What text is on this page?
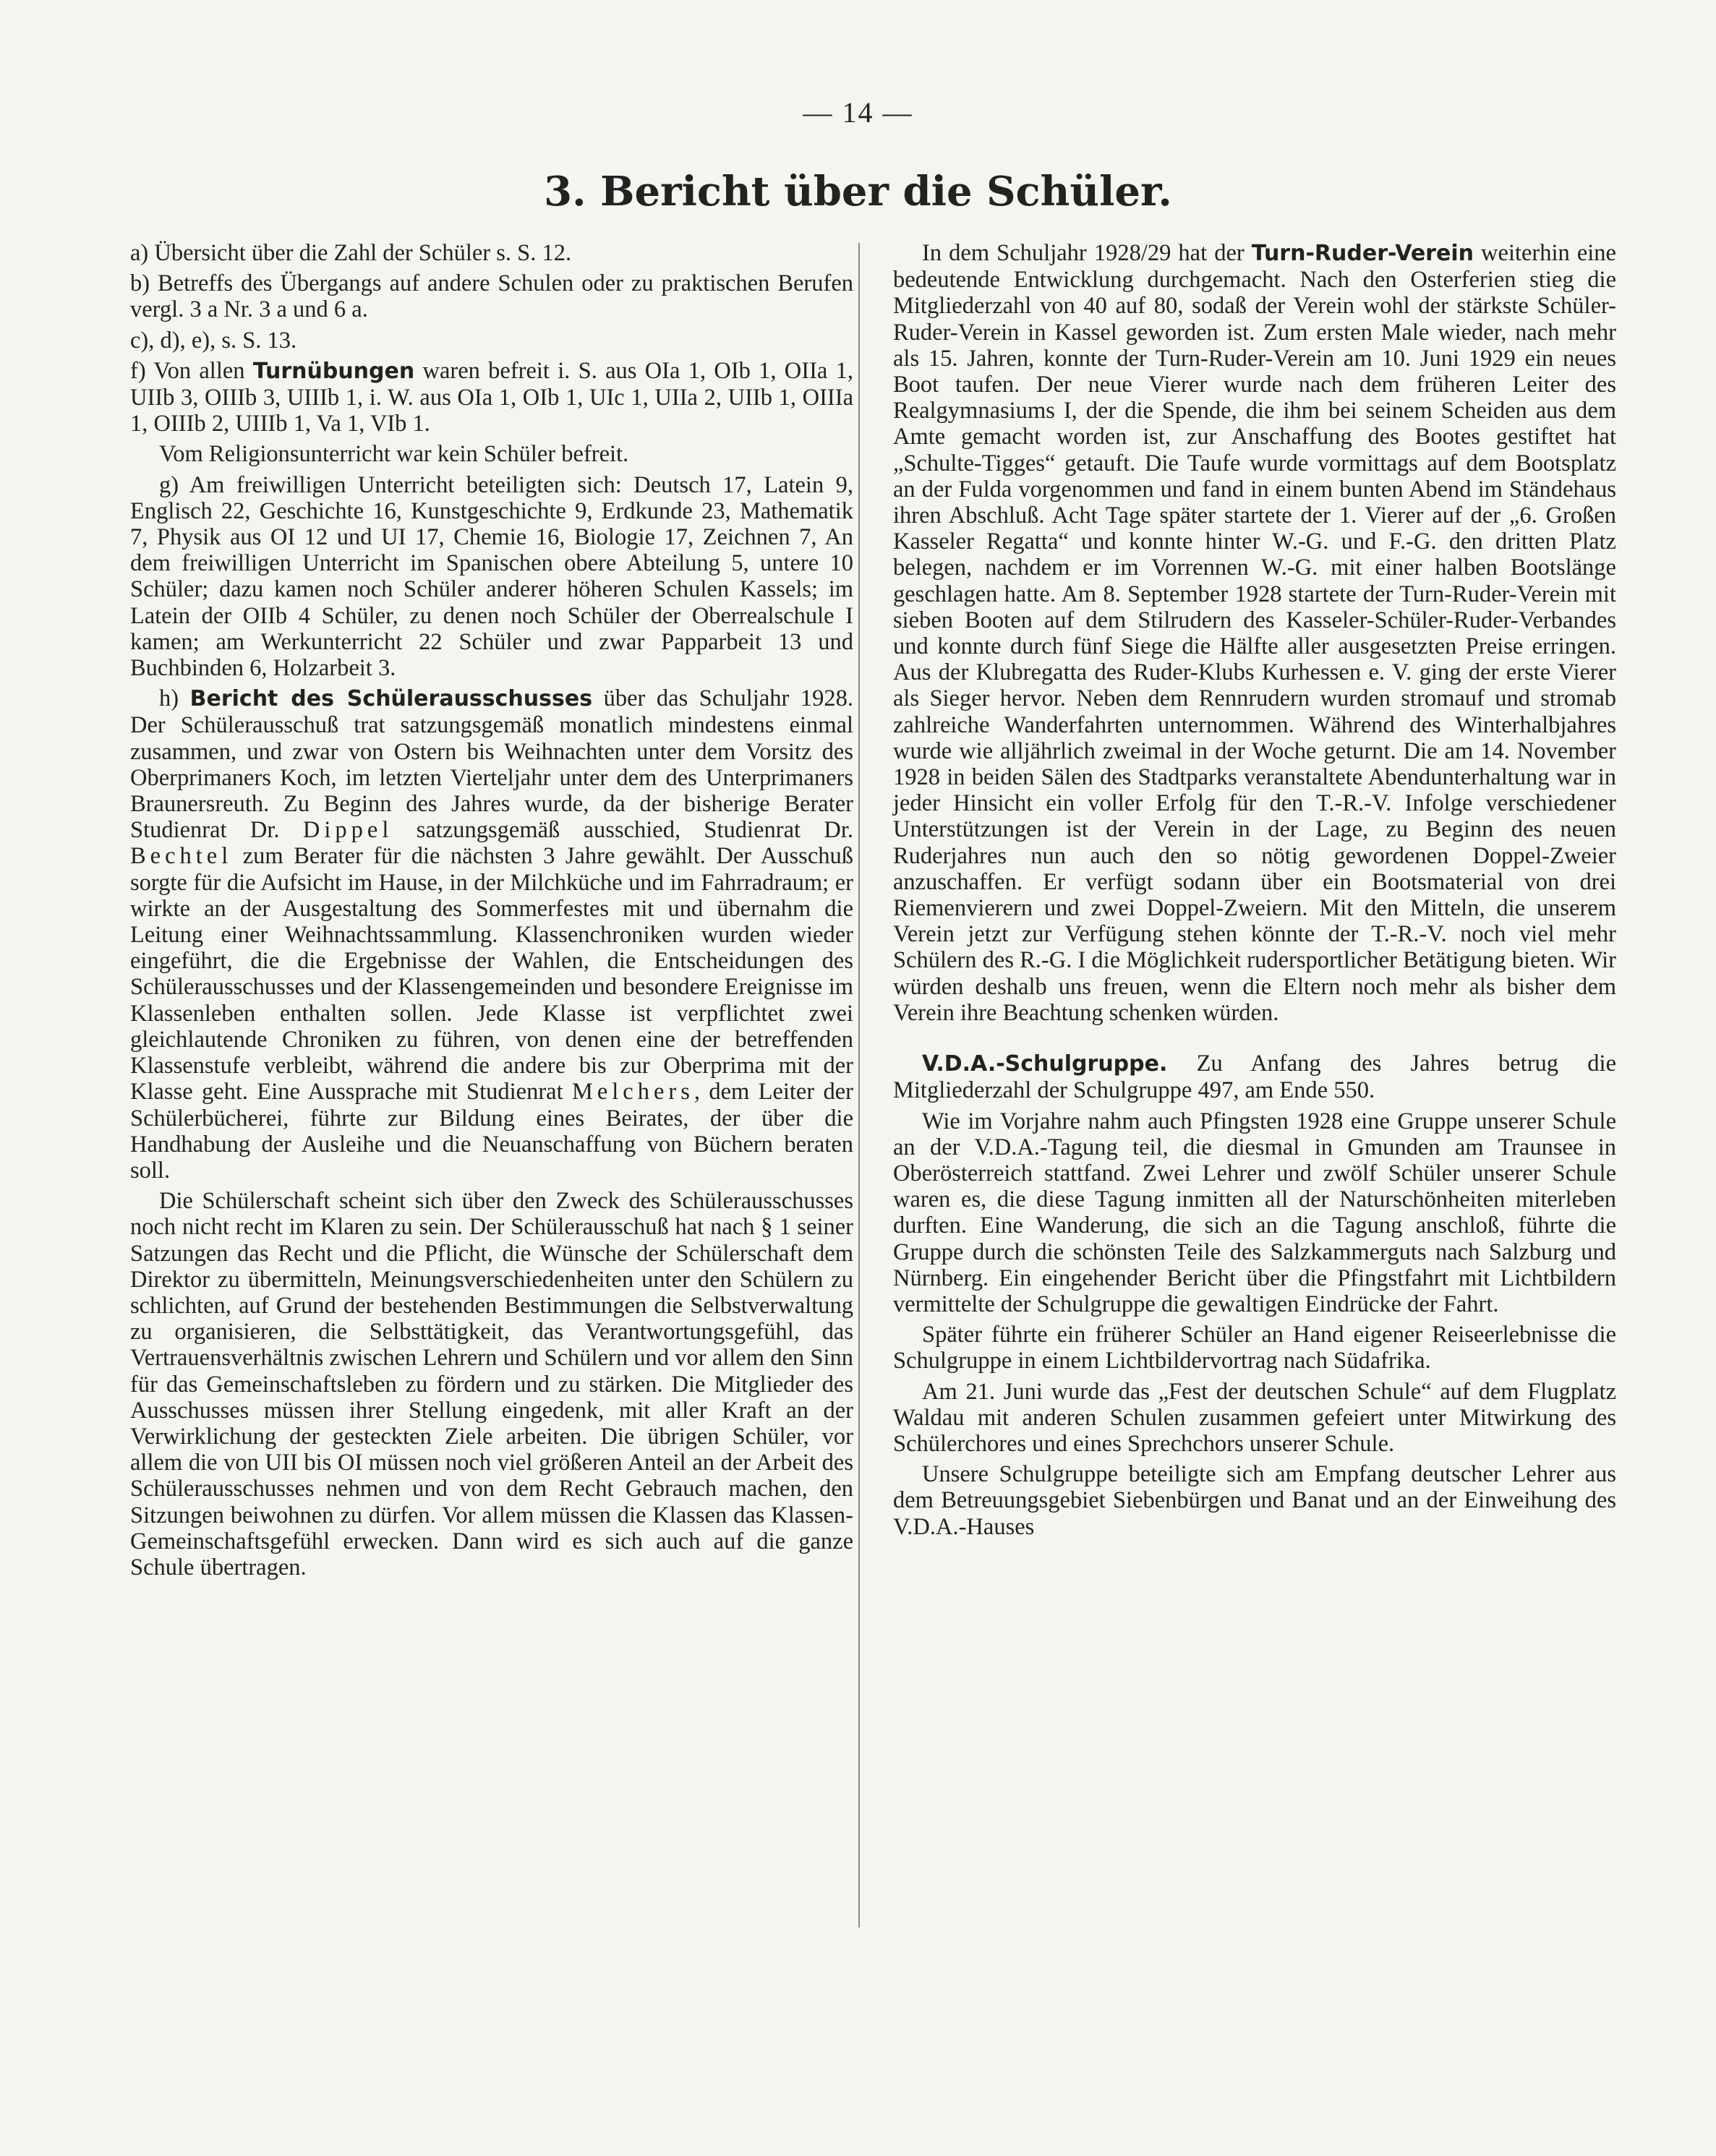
— 14 —
3. Bericht über die Schüler.

a) Übersicht über die Zahl der Schüler s. S. 12.

b) Betreffs des Übergangs auf andere Schulen oder zu praktischen Berufen vergl. 3 a Nr. 3 a und 6 a.

c), d), e), s. S. 13.

f) Von allen Turnübungen waren befreit i. S. aus OIa 1, OIb 1, OIIa 1, UIIb 3, OIIIb 3, UIIIb 1, i. W. aus OIa 1, OIb 1, UIc 1, UIIa 2, UIIb 1, OIIIa 1, OIIIb 2, UIIIb 1, Va 1, VIb 1.

Vom Religionsunterricht war kein Schüler befreit.

g) Am freiwilligen Unterricht beteiligten sich: Deutsch 17, Latein 9, Englisch 22, Geschichte 16, Kunstgeschichte 9, Erdkunde 23, Mathematik 7, Physik aus OI 12 und UI 17, Chemie 16, Biologie 17, Zeichnen 7, An dem freiwilligen Unterricht im Spanischen obere Abteilung 5, untere 10 Schüler; dazu kamen noch Schüler anderer höheren Schulen Kassels; im Latein der OIIb 4 Schüler, zu denen noch Schüler der Oberrealschule I kamen; am Werkunterricht 22 Schüler und zwar Papparbeit 13 und Buchbinden 6, Holzarbeit 3.

h) Bericht des Schülerausschusses über das Schuljahr 1928. Der Schülerausschuß trat satzungsgemäß monatlich mindestens einmal zusammen, und zwar von Ostern bis Weihnachten unter dem Vorsitz des Oberprimaners Koch, im letzten Vierteljahr unter dem des Unterprimaners Braunersreuth. Zu Beginn des Jahres wurde, da der bisherige Berater Studienrat Dr. Dippel satzungsgemäß ausschied, Studienrat Dr. Bechtel zum Berater für die nächsten 3 Jahre gewählt. Der Ausschuß sorgte für die Aufsicht im Hause, in der Milchküche und im Fahrradraum; er wirkte an der Ausgestaltung des Sommerfestes mit und übernahm die Leitung einer Weihnachtssammlung. Klassenchroniken wurden wieder eingeführt, die die Ergebnisse der Wahlen, die Entscheidungen des Schülerausschusses und der Klassengemeinden und besondere Ereignisse im Klassenleben enthalten sollen. Jede Klasse ist verpflichtet zwei gleichlautende Chroniken zu führen, von denen eine der betreffenden Klassenstufe verbleibt, während die andere bis zur Oberprima mit der Klasse geht. Eine Aussprache mit Studienrat Melchers, dem Leiter der Schülerbücherei, führte zur Bildung eines Beirates, der über die Handhabung der Ausleihe und die Neuanschaffung von Büchern beraten soll.

Die Schülerschaft scheint sich über den Zweck des Schülerausschusses noch nicht recht im Klaren zu sein. Der Schülerausschuß hat nach § 1 seiner Satzungen das Recht und die Pflicht, die Wünsche der Schülerschaft dem Direktor zu übermitteln, Meinungsverschiedenheiten unter den Schülern zu schlichten, auf Grund der bestehenden Bestimmungen die Selbstverwaltung zu organisieren, die Selbsttätigkeit, das Verantwortungsgefühl, das Vertrauensverhältnis zwischen Lehrern und Schülern und vor allem den Sinn für das Gemeinschaftsleben zu fördern und zu stärken. Die Mitglieder des Ausschusses müssen ihrer Stellung eingedenk, mit aller Kraft an der Verwirklichung der gesteckten Ziele arbeiten. Die übrigen Schüler, vor allem die von UII bis OI müssen noch viel größeren Anteil an der Arbeit des Schülerausschusses nehmen und von dem Recht Gebrauch machen, den Sitzungen beiwohnen zu dürfen. Vor allem müssen die Klassen das Klassen-Gemeinschaftsgefühl erwecken. Dann wird es sich auch auf die ganze Schule übertragen.

In dem Schuljahr 1928/29 hat der Turn-Ruder-Verein weiterhin eine bedeutende Entwicklung durchgemacht. Nach den Osterferien stieg die Mitgliederzahl von 40 auf 80, sodaß der Verein wohl der stärkste Schüler-Ruder-Verein in Kassel geworden ist. Zum ersten Male wieder, nach mehr als 15. Jahren, konnte der Turn-Ruder-Verein am 10. Juni 1929 ein neues Boot taufen. Der neue Vierer wurde nach dem früheren Leiter des Realgymnasiums I, der die Spende, die ihm bei seinem Scheiden aus dem Amte gemacht worden ist, zur Anschaffung des Bootes gestiftet hat „Schulte-Tigges“ getauft. Die Taufe wurde vormittags auf dem Bootsplatz an der Fulda vorgenommen und fand in einem bunten Abend im Ständehaus ihren Abschluß. Acht Tage später startete der 1. Vierer auf der „6. Großen Kasseler Regatta“ und konnte hinter W.-G. und F.-G. den dritten Platz belegen, nachdem er im Vorrennen W.-G. mit einer halben Bootslänge geschlagen hatte. Am 8. September 1928 startete der Turn-Ruder-Verein mit sieben Booten auf dem Stilrudern des Kasseler-Schüler-Ruder-Verbandes und konnte durch fünf Siege die Hälfte aller ausgesetzten Preise erringen. Aus der Klubregatta des Ruder-Klubs Kurhessen e. V. ging der erste Vierer als Sieger hervor. Neben dem Rennrudern wurden stromauf und stromab zahlreiche Wanderfahrten unternommen. Während des Winterhalbjahres wurde wie alljährlich zweimal in der Woche geturnt. Die am 14. November 1928 in beiden Sälen des Stadtparks veranstaltete Abendunterhaltung war in jeder Hinsicht ein voller Erfolg für den T.-R.-V. Infolge verschiedener Unterstützungen ist der Verein in der Lage, zu Beginn des neuen Ruderjahres nun auch den so nötig gewordenen Doppel-Zweier anzuschaffen. Er verfügt sodann über ein Bootsmaterial von drei Riemenvierern und zwei Doppel-Zweiern. Mit den Mitteln, die unserem Verein jetzt zur Verfügung stehen könnte der T.-R.-V. noch viel mehr Schülern des R.-G. I die Möglichkeit rudersportlicher Betätigung bieten. Wir würden deshalb uns freuen, wenn die Eltern noch mehr als bisher dem Verein ihre Beachtung schenken würden.

V.D.A.-Schulgruppe. Zu Anfang des Jahres betrug die Mitgliederzahl der Schulgruppe 497, am Ende 550.

Wie im Vorjahre nahm auch Pfingsten 1928 eine Gruppe unserer Schule an der V.D.A.-Tagung teil, die diesmal in Gmunden am Traunsee in Oberösterreich stattfand. Zwei Lehrer und zwölf Schüler unserer Schule waren es, die diese Tagung inmitten all der Naturschönheiten miterleben durften. Eine Wanderung, die sich an die Tagung anschloß, führte die Gruppe durch die schönsten Teile des Salzkammerguts nach Salzburg und Nürnberg. Ein eingehender Bericht über die Pfingstfahrt mit Lichtbildern vermittelte der Schulgruppe die gewaltigen Eindrücke der Fahrt.

Später führte ein früherer Schüler an Hand eigener Reiseerlebnisse die Schulgruppe in einem Lichtbildervortrag nach Südafrika.

Am 21. Juni wurde das „Fest der deutschen Schule“ auf dem Flugplatz Waldau mit anderen Schulen zusammen gefeiert unter Mitwirkung des Schülerchores und eines Sprechchors unserer Schule.

Unsere Schulgruppe beteiligte sich am Empfang deutscher Lehrer aus dem Betreuungsgebiet Siebenbürgen und Banat und an der Einweihung des V.D.A.-Hauses
